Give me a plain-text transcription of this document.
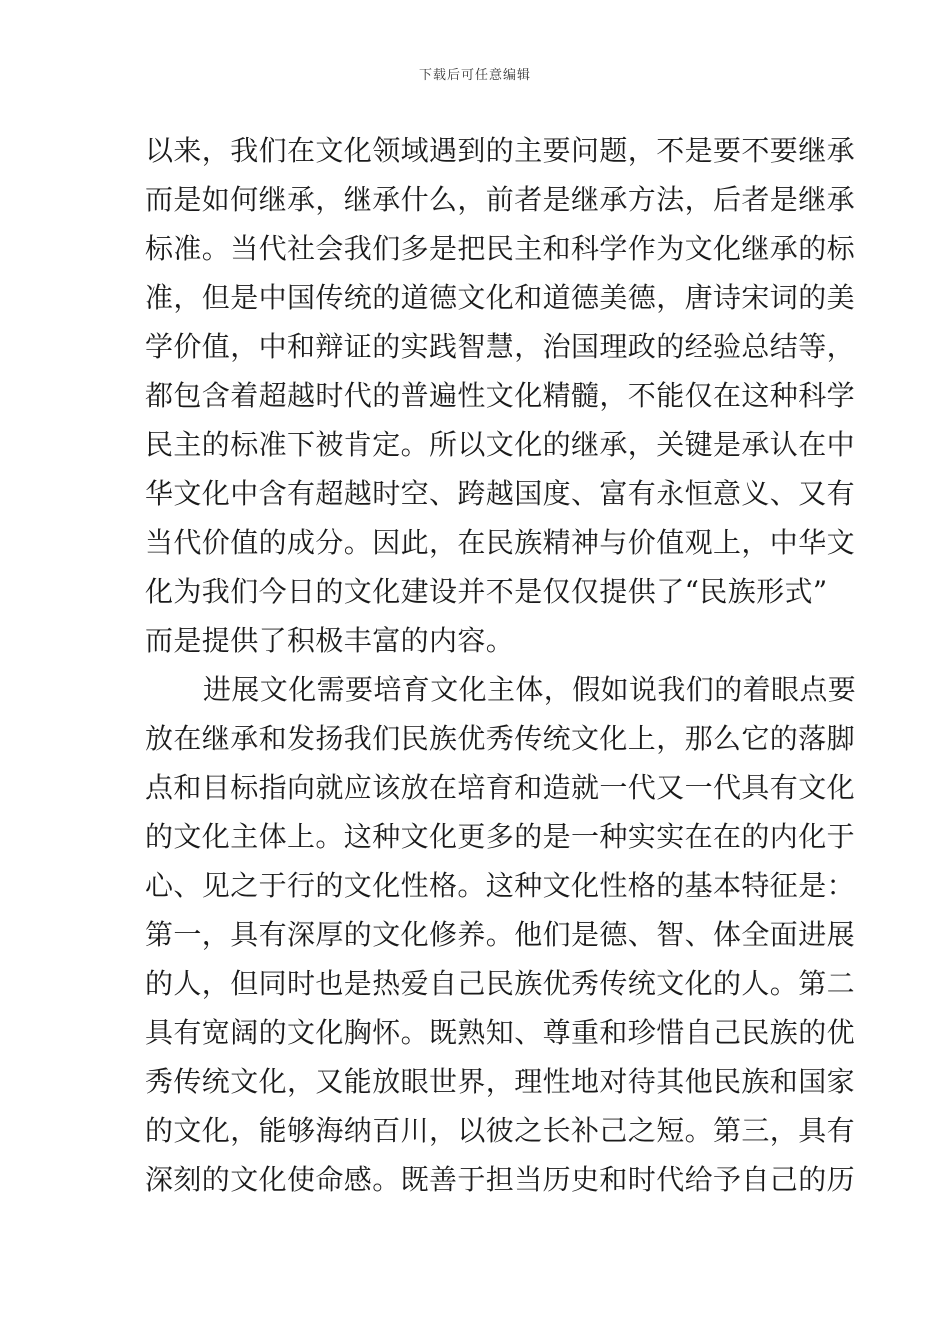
下载后可任意编辑
以来，我们在文化领域遇到的主要问题，不是要不要继承
而是如何继承，继承什么，前者是继承方法，后者是继承
标准。当代社会我们多是把民主和科学作为文化继承的标
准，但是中国传统的道德文化和道德美德，唐诗宋词的美
学价值，中和辩证的实践智慧，治国理政的经验总结等，
都包含着超越时代的普遍性文化精髓，不能仅在这种科学
民主的标准下被肯定。所以文化的继承，关键是承认在中
华文化中含有超越时空、跨越国度、富有永恒意义、又有
当代价值的成分。因此，在民族精神与价值观上，中华文
化为我们今日的文化建设并不是仅仅提供了“民族形式”
而是提供了积极丰富的内容。
进展文化需要培育文化主体，假如说我们的着眼点要
放在继承和发扬我们民族优秀传统文化上，那么它的落脚
点和目标指向就应该放在培育和造就一代又一代具有文化
的文化主体上。这种文化更多的是一种实实在在的内化于
心、见之于行的文化性格。这种文化性格的基本特征是：
第一，具有深厚的文化修养。他们是德、智、体全面进展
的人，但同时也是热爱自己民族优秀传统文化的人。第二
具有宽阔的文化胸怀。既熟知、尊重和珍惜自己民族的优
秀传统文化，又能放眼世界，理性地对待其他民族和国家
的文化，能够海纳百川，以彼之长补己之短。第三，具有
深刻的文化使命感。既善于担当历史和时代给予自己的历
